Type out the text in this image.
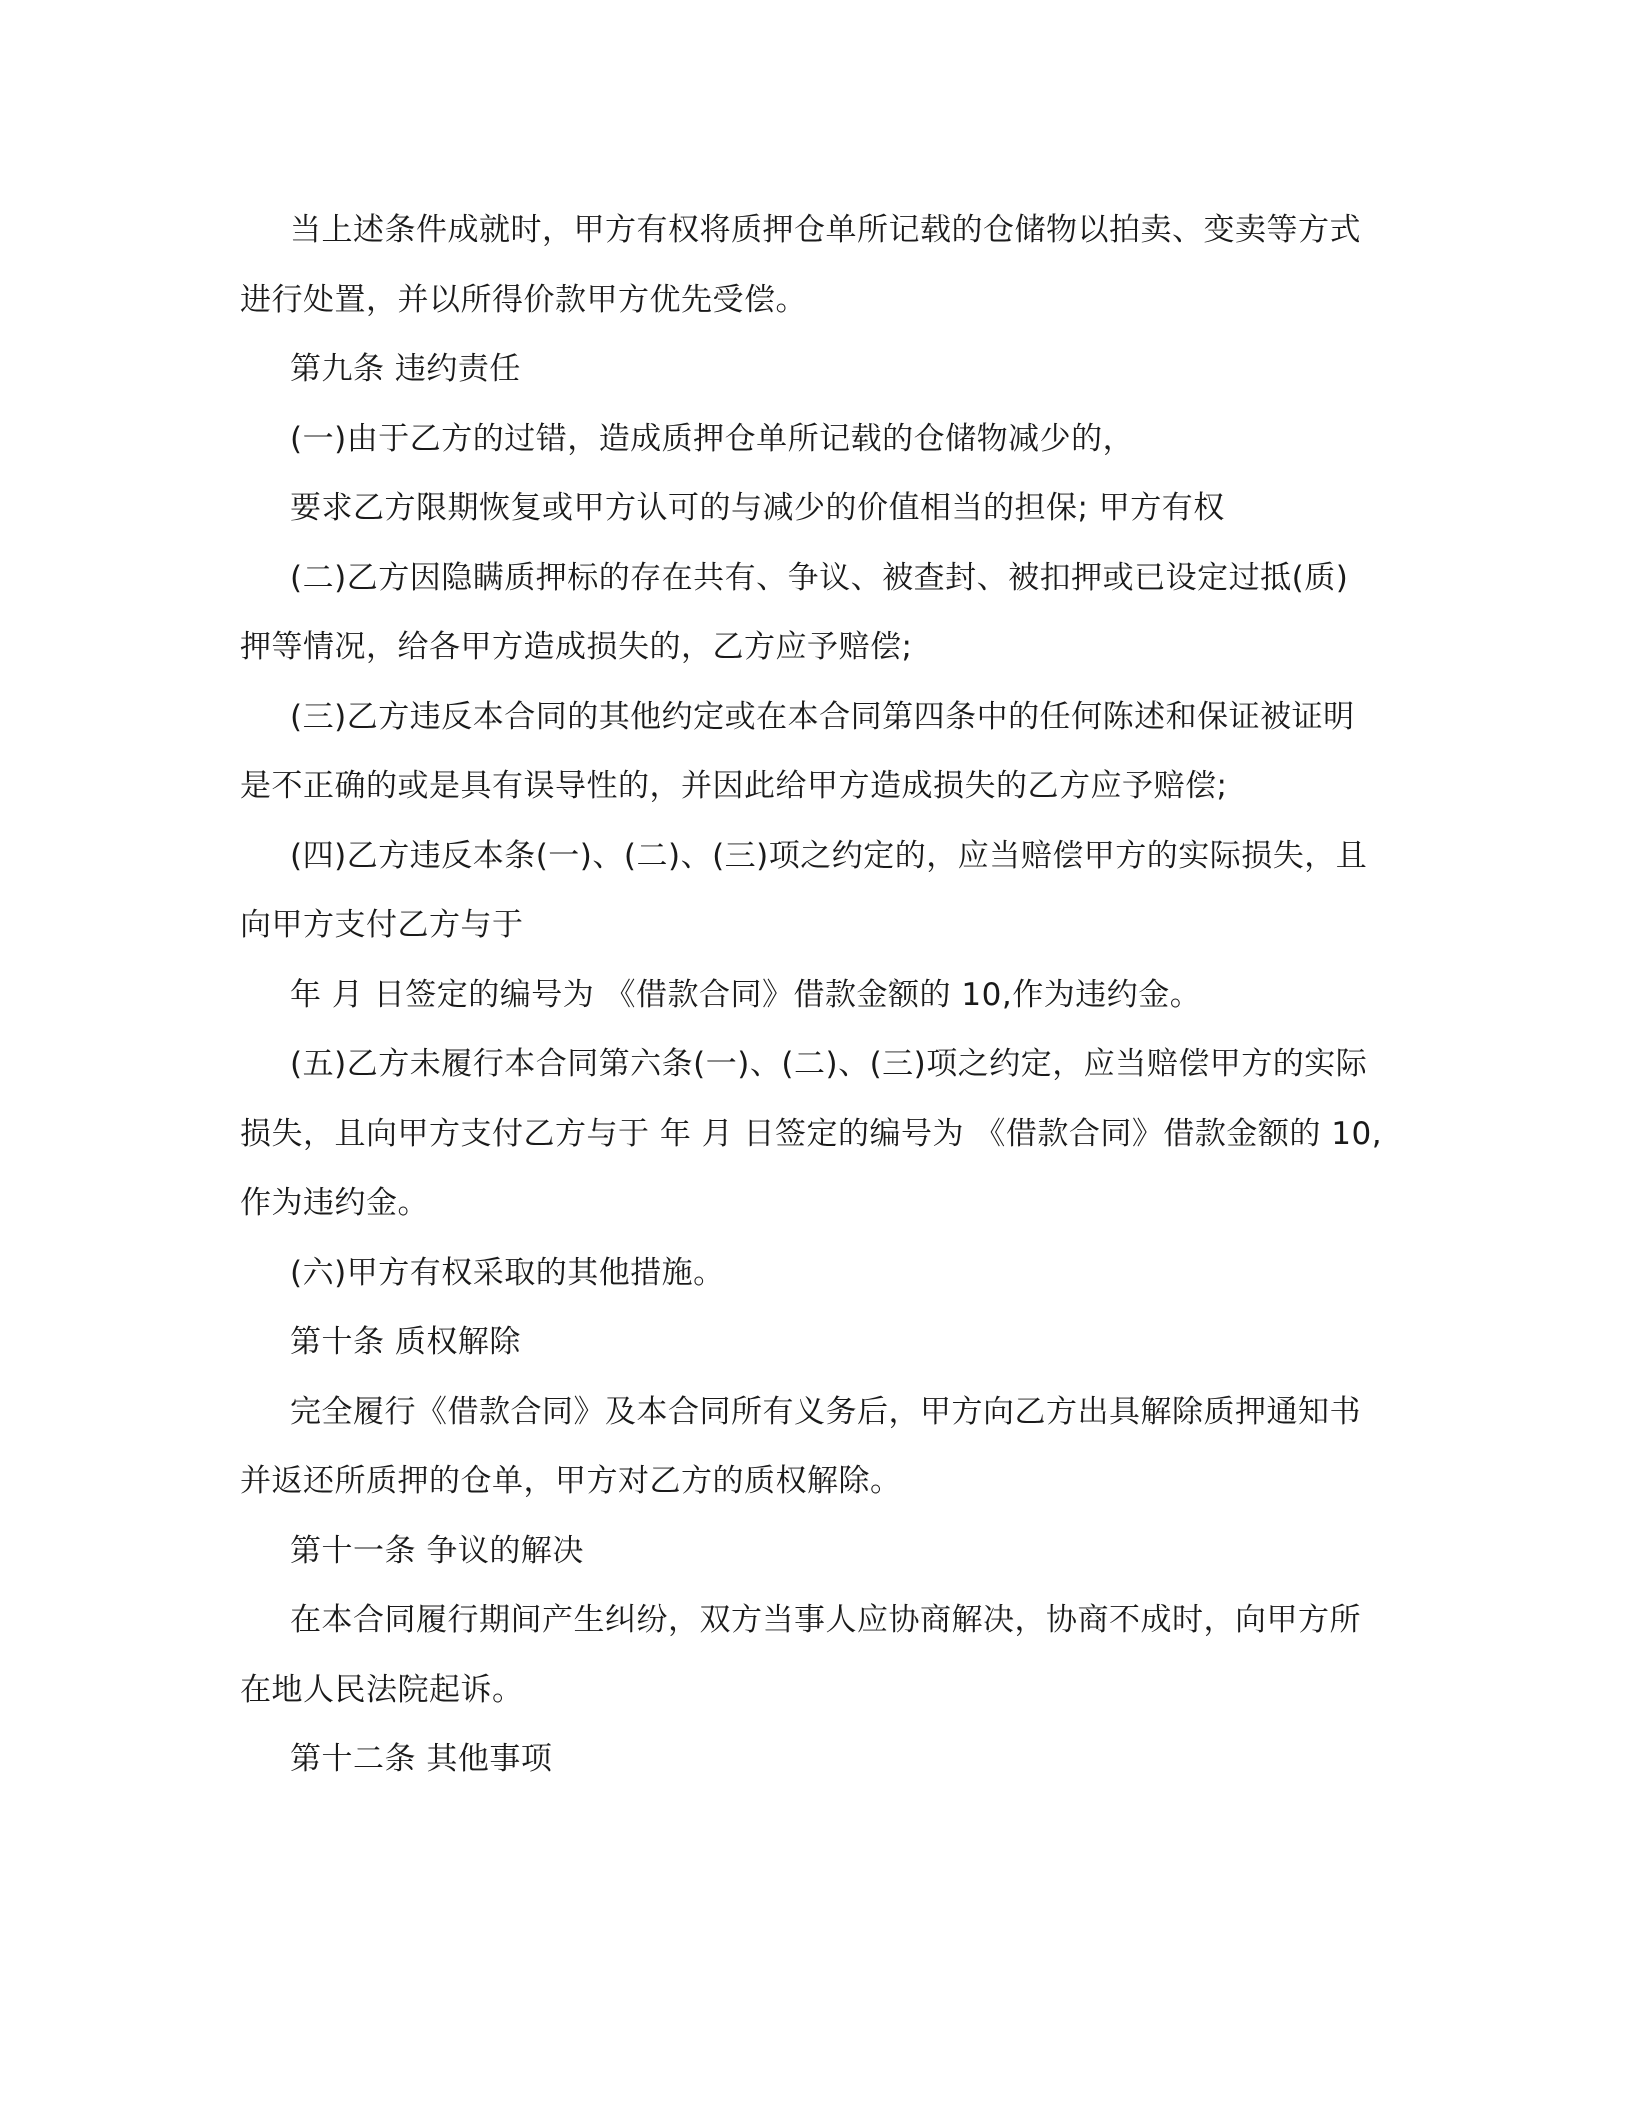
当上述条件成就时，甲方有权将质押仓单所记载的仓储物以拍卖、变卖等方式
进行处置，并以所得价款甲方优先受偿。
第九条 违约责任
(一)由于乙方的过错，造成质押仓单所记载的仓储物减少的，
要求乙方限期恢复或甲方认可的与减少的价值相当的担保; 甲方有权
(二)乙方因隐瞒质押标的存在共有、争议、被查封、被扣押或已设定过抵(质)
押等情况，给各甲方造成损失的，乙方应予赔偿;
(三)乙方违反本合同的其他约定或在本合同第四条中的任何陈述和保证被证明
是不正确的或是具有误导性的，并因此给甲方造成损失的乙方应予赔偿;
(四)乙方违反本条(一)、(二)、(三)项之约定的，应当赔偿甲方的实际损失，且
向甲方支付乙方与于
年 月 日签定的编号为 《借款合同》借款金额的 10,作为违约金。
(五)乙方未履行本合同第六条(一)、(二)、(三)项之约定，应当赔偿甲方的实际
损失，且向甲方支付乙方与于 年 月 日签定的编号为 《借款合同》借款金额的 10,
作为违约金。
(六)甲方有权采取的其他措施。
第十条 质权解除
完全履行《借款合同》及本合同所有义务后，甲方向乙方出具解除质押通知书
并返还所质押的仓单，甲方对乙方的质权解除。
第十一条 争议的解决
在本合同履行期间产生纠纷，双方当事人应协商解决，协商不成时，向甲方所
在地人民法院起诉。
第十二条 其他事项
